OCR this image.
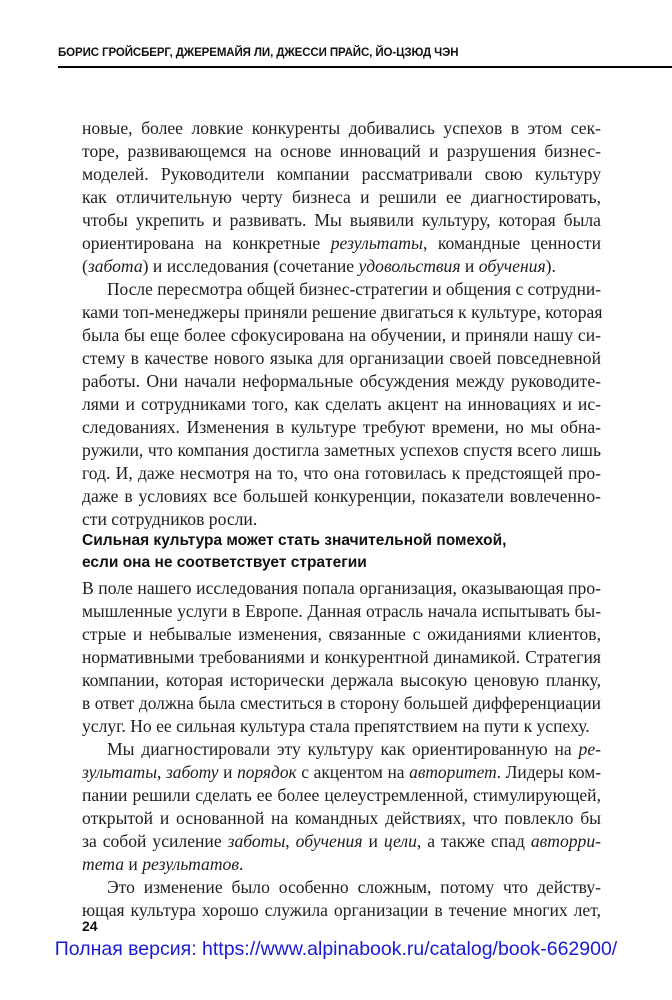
БОРИС ГРОЙСБЕРГ, ДЖЕРЕМАЙЯ ЛИ, ДЖЕССИ ПРАЙС, ЙО-ЦЗЮД ЧЭН
новые, более ловкие конкуренты добивались успехов в этом сек-
торе, развивающемся на основе инноваций и разрушения бизнес-
моделей. Руководители компании рассматривали свою культуру
как отличительную черту бизнеса и решили ее диагностировать,
чтобы укрепить и развивать. Мы выявили культуру, которая была
ориентирована на конкретные результаты, командные ценности
(забота) и исследования (сочетание удовольствия и обучения).
После пересмотра общей бизнес-стратегии и общения с сотрудни-
ками топ-менеджеры приняли решение двигаться к культуре, которая
была бы еще более сфокусирована на обучении, и приняли нашу си-
стему в качестве нового языка для организации своей повседневной
работы. Они начали неформальные обсуждения между руководите-
лями и сотрудниками того, как сделать акцент на инновациях и ис-
следованиях. Изменения в культуре требуют времени, но мы обна-
ружили, что компания достигла заметных успехов спустя всего лишь
год. И, даже несмотря на то, что она готовилась к предстоящей про-
даже в условиях все большей конкуренции, показатели вовлеченно-
сти сотрудников росли.
Сильная культура может стать значительной помехой,
если она не соответствует стратегии
В поле нашего исследования попала организация, оказывающая про-
мышленные услуги в Европе. Данная отрасль начала испытывать бы-
стрые и небывалые изменения, связанные с ожиданиями клиентов,
нормативными требованиями и конкурентной динамикой. Стратегия
компании, которая исторически держала высокую ценовую планку,
в ответ должна была сместиться в сторону большей дифференциации
услуг. Но ее сильная культура стала препятствием на пути к успеху.
Мы диагностировали эту культуру как ориентированную на ре-
зультаты, заботу и порядок с акцентом на авторитет. Лидеры ком-
пании решили сделать ее более целеустремленной, стимулирующей,
открытой и основанной на командных действиях, что повлекло бы
за собой усиление заботы, обучения и цели, а также спад авторри-
тета и результатов.
Это изменение было особенно сложным, потому что действу-
ющая культура хорошо служила организации в течение многих лет,
24
Полная версия: https://www.alpinabook.ru/catalog/book-662900/
